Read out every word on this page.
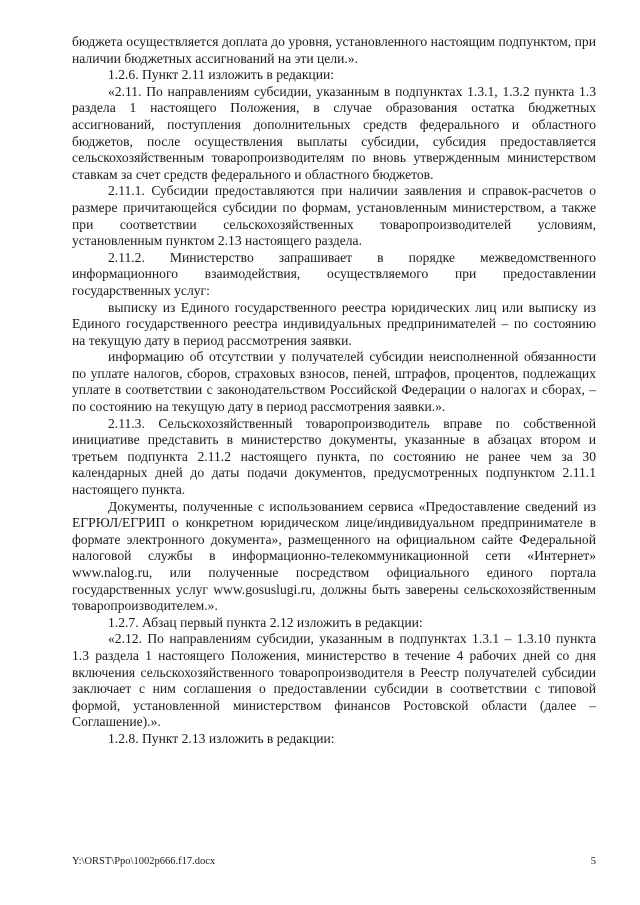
бюджета осуществляется доплата до уровня, установленного настоящим подпунктом, при наличии бюджетных ассигнований на эти цели.».

1.2.6. Пункт 2.11 изложить в редакции:

«2.11. По направлениям субсидии, указанным в подпунктах 1.3.1, 1.3.2 пункта 1.3 раздела 1 настоящего Положения, в случае образования остатка бюджетных ассигнований, поступления дополнительных средств федерального и областного бюджетов, после осуществления выплаты субсидии, субсидия предоставляется сельскохозяйственным товаропроизводителям по вновь утвержденным министерством ставкам за счет средств федерального и областного бюджетов.

2.11.1. Субсидии предоставляются при наличии заявления и справок-расчетов о размере причитающейся субсидии по формам, установленным министерством, а также при соответствии сельскохозяйственных товаропроизводителей условиям, установленным пунктом 2.13 настоящего раздела.

2.11.2. Министерство запрашивает в порядке межведомственного информационного взаимодействия, осуществляемого при предоставлении государственных услуг:

выписку из Единого государственного реестра юридических лиц или выписку из Единого государственного реестра индивидуальных предпринимателей – по состоянию на текущую дату в период рассмотрения заявки.

информацию об отсутствии у получателей субсидии неисполненной обязанности по уплате налогов, сборов, страховых взносов, пеней, штрафов, процентов, подлежащих уплате в соответствии с законодательством Российской Федерации о налогах и сборах, – по состоянию на текущую дату в период рассмотрения заявки.».

2.11.3. Сельскохозяйственный товаропроизводитель вправе по собственной инициативе представить в министерство документы, указанные в абзацах втором и третьем подпункта 2.11.2 настоящего пункта, по состоянию не ранее чем за 30 календарных дней до даты подачи документов, предусмотренных подпунктом 2.11.1 настоящего пункта.

Документы, полученные с использованием сервиса «Предоставление сведений из ЕГРЮЛ/ЕГРИП о конкретном юридическом лице/индивидуальном предпринимателе в формате электронного документа», размещенного на официальном сайте Федеральной налоговой службы в информационно-телекоммуникационной сети «Интернет» www.nalog.ru, или полученные посредством официального единого портала государственных услуг www.gosuslugi.ru, должны быть заверены сельскохозяйственным товаропроизводителем.».

1.2.7. Абзац первый пункта 2.12 изложить в редакции:

«2.12. По направлениям субсидии, указанным в подпунктах 1.3.1 – 1.3.10 пункта 1.3 раздела 1 настоящего Положения, министерство в течение 4 рабочих дней со дня включения сельскохозяйственного товаропроизводителя в Реестр получателей субсидии заключает с ним соглашения о предоставлении субсидии в соответствии с типовой формой, установленной министерством финансов Ростовской области (далее – Соглашение).».

1.2.8. Пункт 2.13 изложить в редакции:

Y:\ORST\Ppo\1002p666.f17.docx	5
